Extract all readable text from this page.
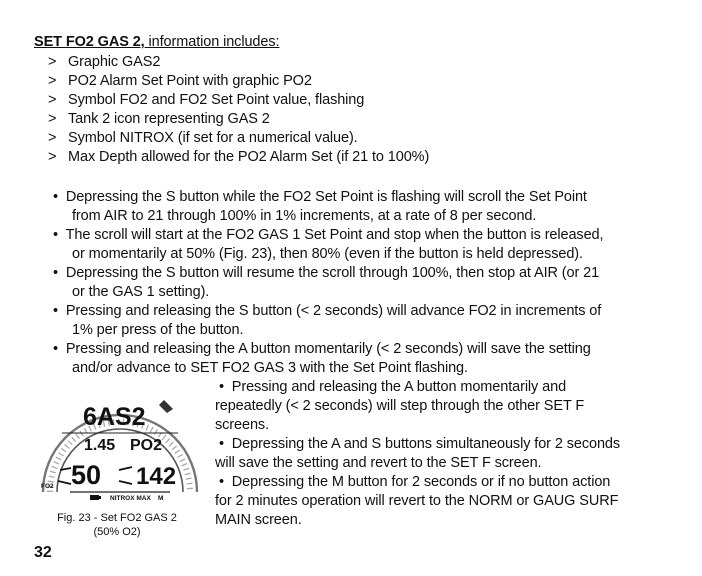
SET FO2 GAS 2, information includes:
> Graphic GAS2
> PO2 Alarm Set Point with graphic PO2
> Symbol FO2 and FO2 Set Point value, flashing
> Tank 2 icon representing GAS 2
> Symbol NITROX (if set for a numerical value).
> Max Depth allowed for the PO2 Alarm Set (if 21 to 100%)
• Depressing the S button while the FO2 Set Point is flashing will scroll the Set Point
from AIR to 21 through 100% in 1% increments, at a rate of 8 per second.
• The scroll will start at the FO2 GAS 1 Set Point and stop when the button is released,
or momentarily at 50% (Fig. 23), then 80% (even if the button is held depressed).
• Depressing the S button will resume the scroll through 100%, then stop at AIR (or 21
or the GAS 1 setting).
• Pressing and releasing the S button (< 2 seconds) will advance FO2 in increments of
1% per press of the button.
• Pressing and releasing the A button momentarily (< 2 seconds) will save the setting
and/or advance to SET FO2 GAS 3 with the Set Point flashing.
• Pressing and releasing the A button momentarily and
repeatedly (< 2 seconds) will step through the other SET F
screens.
• Depressing the A and S buttons simultaneously for 2 seconds
will save the setting and revert to the SET F screen.
• Depressing the M button for 2 seconds or if no button action
for 2 minutes operation will revert to the NORM or GAUG SURF
MAIN screen.
6AS2
1.45 PO2
FO2 50 142
NITROX MAX M
Fig. 23 - Set FO2 GAS 2
(50% O2)
32
